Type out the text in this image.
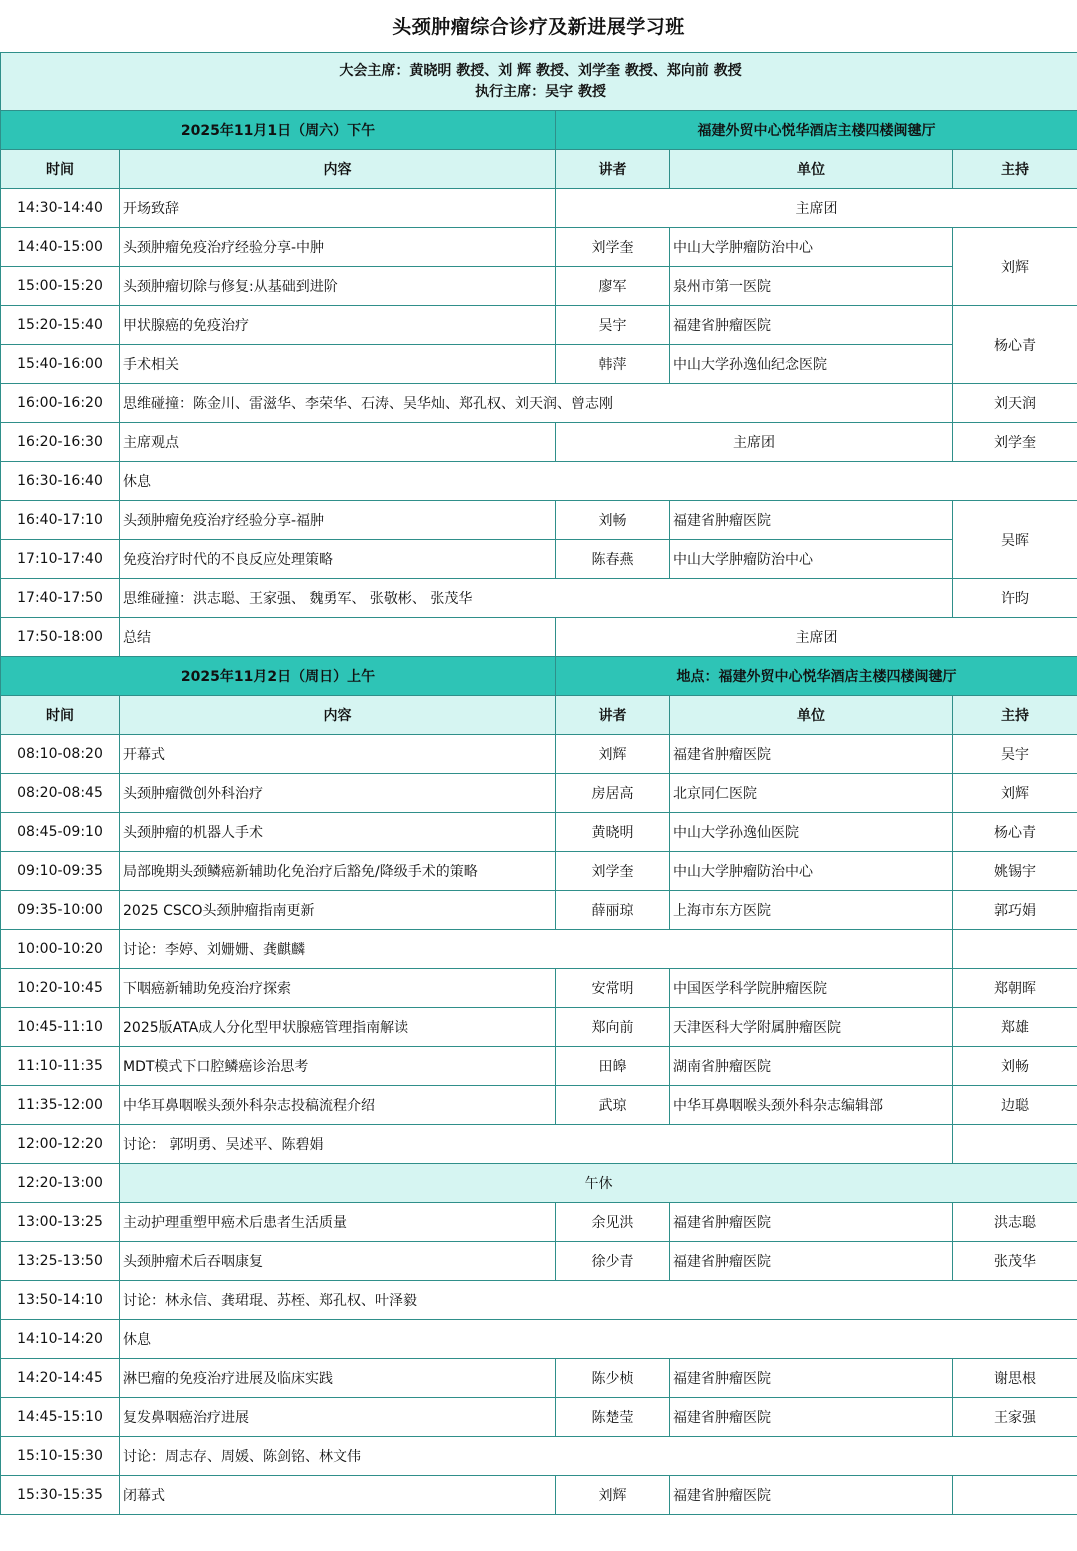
头颈肿瘤综合诊疗及新进展学习班
大会主席：黄晓明 教授、刘 辉 教授、刘学奎 教授、郑向前 教授
执行主席：吴宇 教授				

2025年11月1日（周六）下午		福建外贸中心悦华酒店主楼四楼闽毽厅		
时间	内容	讲者	单位	主持
14:30-14:40	开场致辞	主席团		
14:40-15:00	头颈肿瘤免疫治疗经验分享-中肿	刘学奎	中山大学肿瘤防治中心	刘辉
15:00-15:20	头颈肿瘤切除与修复:从基础到进阶	廖军	泉州市第一医院	
15:20-15:40	甲状腺癌的免疫治疗	吴宇	福建省肿瘤医院	杨心青
15:40-16:00	手术相关	韩萍	中山大学孙逸仙纪念医院	
16:00-16:20	思维碰撞：陈金川、雷滋华、李荣华、石涛、吴华灿、郑孔权、刘天润、曾志刚			刘天润
16:20-16:30	主席观点	主席团		刘学奎
16:30-16:40	休息			
16:40-17:10	头颈肿瘤免疫治疗经验分享-福肿	刘畅	福建省肿瘤医院	吴晖
17:10-17:40	免疫治疗时代的不良反应处理策略	陈春燕	中山大学肿瘤防治中心	
17:40-17:50	思维碰撞：洪志聪、王家强、 魏勇军、 张敬彬、 张茂华			许昀
17:50-18:00	总结	主席团		
2025年11月2日（周日）上午		地点：福建外贸中心悦华酒店主楼四楼闽毽厅		
时间	内容	讲者	单位	主持
08:10-08:20	开幕式	刘辉	福建省肿瘤医院	吴宇
08:20-08:45	头颈肿瘤微创外科治疗	房居高	北京同仁医院	刘辉
08:45-09:10	头颈肿瘤的机器人手术	黄晓明	中山大学孙逸仙医院	杨心青
09:10-09:35	局部晚期头颈鳞癌新辅助化免治疗后豁免/降级手术的策略	刘学奎	中山大学肿瘤防治中心	姚锡宇
09:35-10:00	2025 CSCO头颈肿瘤指南更新	薛丽琼	上海市东方医院	郭巧娟
10:00-10:20	讨论：李婷、刘姗姗、龚麒麟			
10:20-10:45	下咽癌新辅助免疫治疗探索	安常明	中国医学科学院肿瘤医院	郑朝晖
10:45-11:10	2025版ATA成人分化型甲状腺癌管理指南解读	郑向前	天津医科大学附属肿瘤医院	郑雄
11:10-11:35	MDT模式下口腔鳞癌诊治思考	田皞	湖南省肿瘤医院	刘畅
11:35-12:00	中华耳鼻咽喉头颈外科杂志投稿流程介绍	武琼	中华耳鼻咽喉头颈外科杂志编辑部	边聪
12:00-12:20	讨论： 郭明勇、吴述平、陈碧娟			
12:20-13:00	午休			
13:00-13:25	主动护理重塑甲癌术后患者生活质量	余见洪	福建省肿瘤医院	洪志聪
13:25-13:50	头颈肿瘤术后吞咽康复	徐少青	福建省肿瘤医院	张茂华
13:50-14:10	讨论：林永信、龚珺琨、苏桎、郑孔权、叶泽毅			
14:10-14:20	休息			
14:20-14:45	淋巴瘤的免疫治疗进展及临床实践	陈少桢	福建省肿瘤医院	谢思根
14:45-15:10	复发鼻咽癌治疗进展	陈楚莹	福建省肿瘤医院	王家强
15:10-15:30	讨论：周志存、周媛、陈剑铭、林文伟			
15:30-15:35	闭幕式	刘辉	福建省肿瘤医院	
